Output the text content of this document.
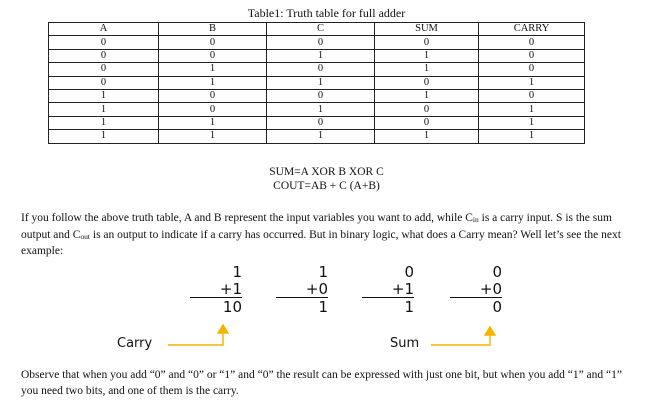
Table1: Truth table for full adder
A	B	C	SUM	CARRY
0	0	0	0	0
0	0	1	1	0
0	1	0	1	0
0	1	1	0	1
1	0	0	1	0
1	0	1	0	1
1	1	0	0	1
1	1	1	1	1
SUM=A XOR B XOR C
COUT=AB + C (A+B)
If you follow the above truth table, A and B represent the input variables you want to add, while $C_{in}$ is a carry input. S is the sum output and $C_{out}$ is an output to indicate if a carry has occurred. But in binary logic, what does a Carry mean? Well let’s see the next example:
1
+1
10
1
+0
1
0
+1
1
0
+0
0
Carry	Sum
Observe that when you add “0” and “0” or “1” and “0” the result can be expressed with just one bit, but when you add “1” and “1” you need two bits, and one of them is the carry.
